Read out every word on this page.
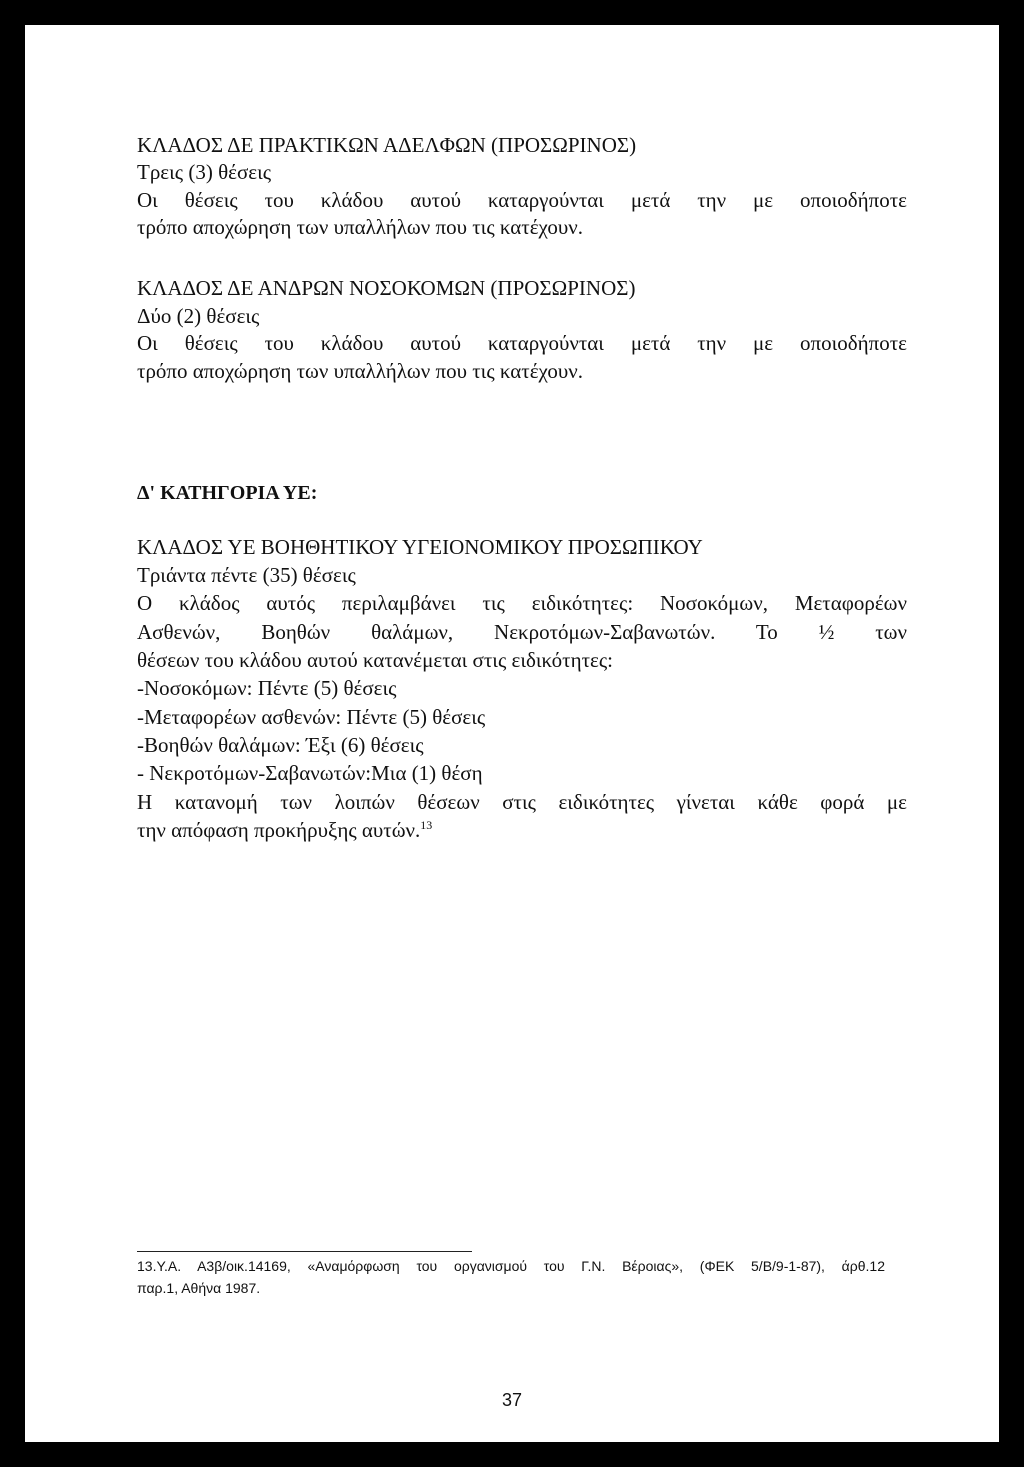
ΚΛΑΔΟΣ ΔΕ ΠΡΑΚΤΙΚΩΝ ΑΔΕΛΦΩΝ (ΠΡΟΣΩΡΙΝΟΣ)
Τρεις (3) θέσεις
Οι θέσεις του κλάδου αυτού καταργούνται μετά την με οποιοδήποτε
τρόπο αποχώρηση των υπαλλήλων που τις κατέχουν.
ΚΛΑΔΟΣ ΔΕ ΑΝΔΡΩΝ ΝΟΣΟΚΟΜΩΝ (ΠΡΟΣΩΡΙΝΟΣ)
Δύο (2) θέσεις
Οι θέσεις του κλάδου αυτού καταργούνται μετά την με οποιοδήποτε
τρόπο αποχώρηση των υπαλλήλων που τις κατέχουν.
Δ' ΚΑΤΗΓΟΡΙΑ ΥΕ:
ΚΛΑΔΟΣ ΥΕ ΒΟΗΘΗΤΙΚΟΥ ΥΓΕΙΟΝΟΜΙΚΟΥ ΠΡΟΣΩΠΙΚΟΥ
Τριάντα πέντε (35) θέσεις
Ο κλάδος αυτός περιλαμβάνει τις ειδικότητες: Νοσοκόμων, Μεταφορέων
Ασθενών, Βοηθών θαλάμων, Νεκροτόμων-Σαβανωτών. Το ½ των
θέσεων του κλάδου αυτού κατανέμεται στις ειδικότητες:
-Νοσοκόμων: Πέντε (5) θέσεις
-Μεταφορέων ασθενών: Πέντε (5) θέσεις
-Βοηθών θαλάμων: Έξι (6) θέσεις
- Νεκροτόμων-Σαβανωτών:Μια (1) θέση
Η κατανομή των λοιπών θέσεων στις ειδικότητες γίνεται κάθε φορά με
την απόφαση προκήρυξης αυτών.$^{13}$
13.Υ.Α. Α3β/οικ.14169, «Αναμόρφωση του οργανισμού του Γ.Ν. Βέροιας», (ΦΕΚ 5/Β/9-1-87), άρθ.12
παρ.1, Αθήνα 1987.
37
